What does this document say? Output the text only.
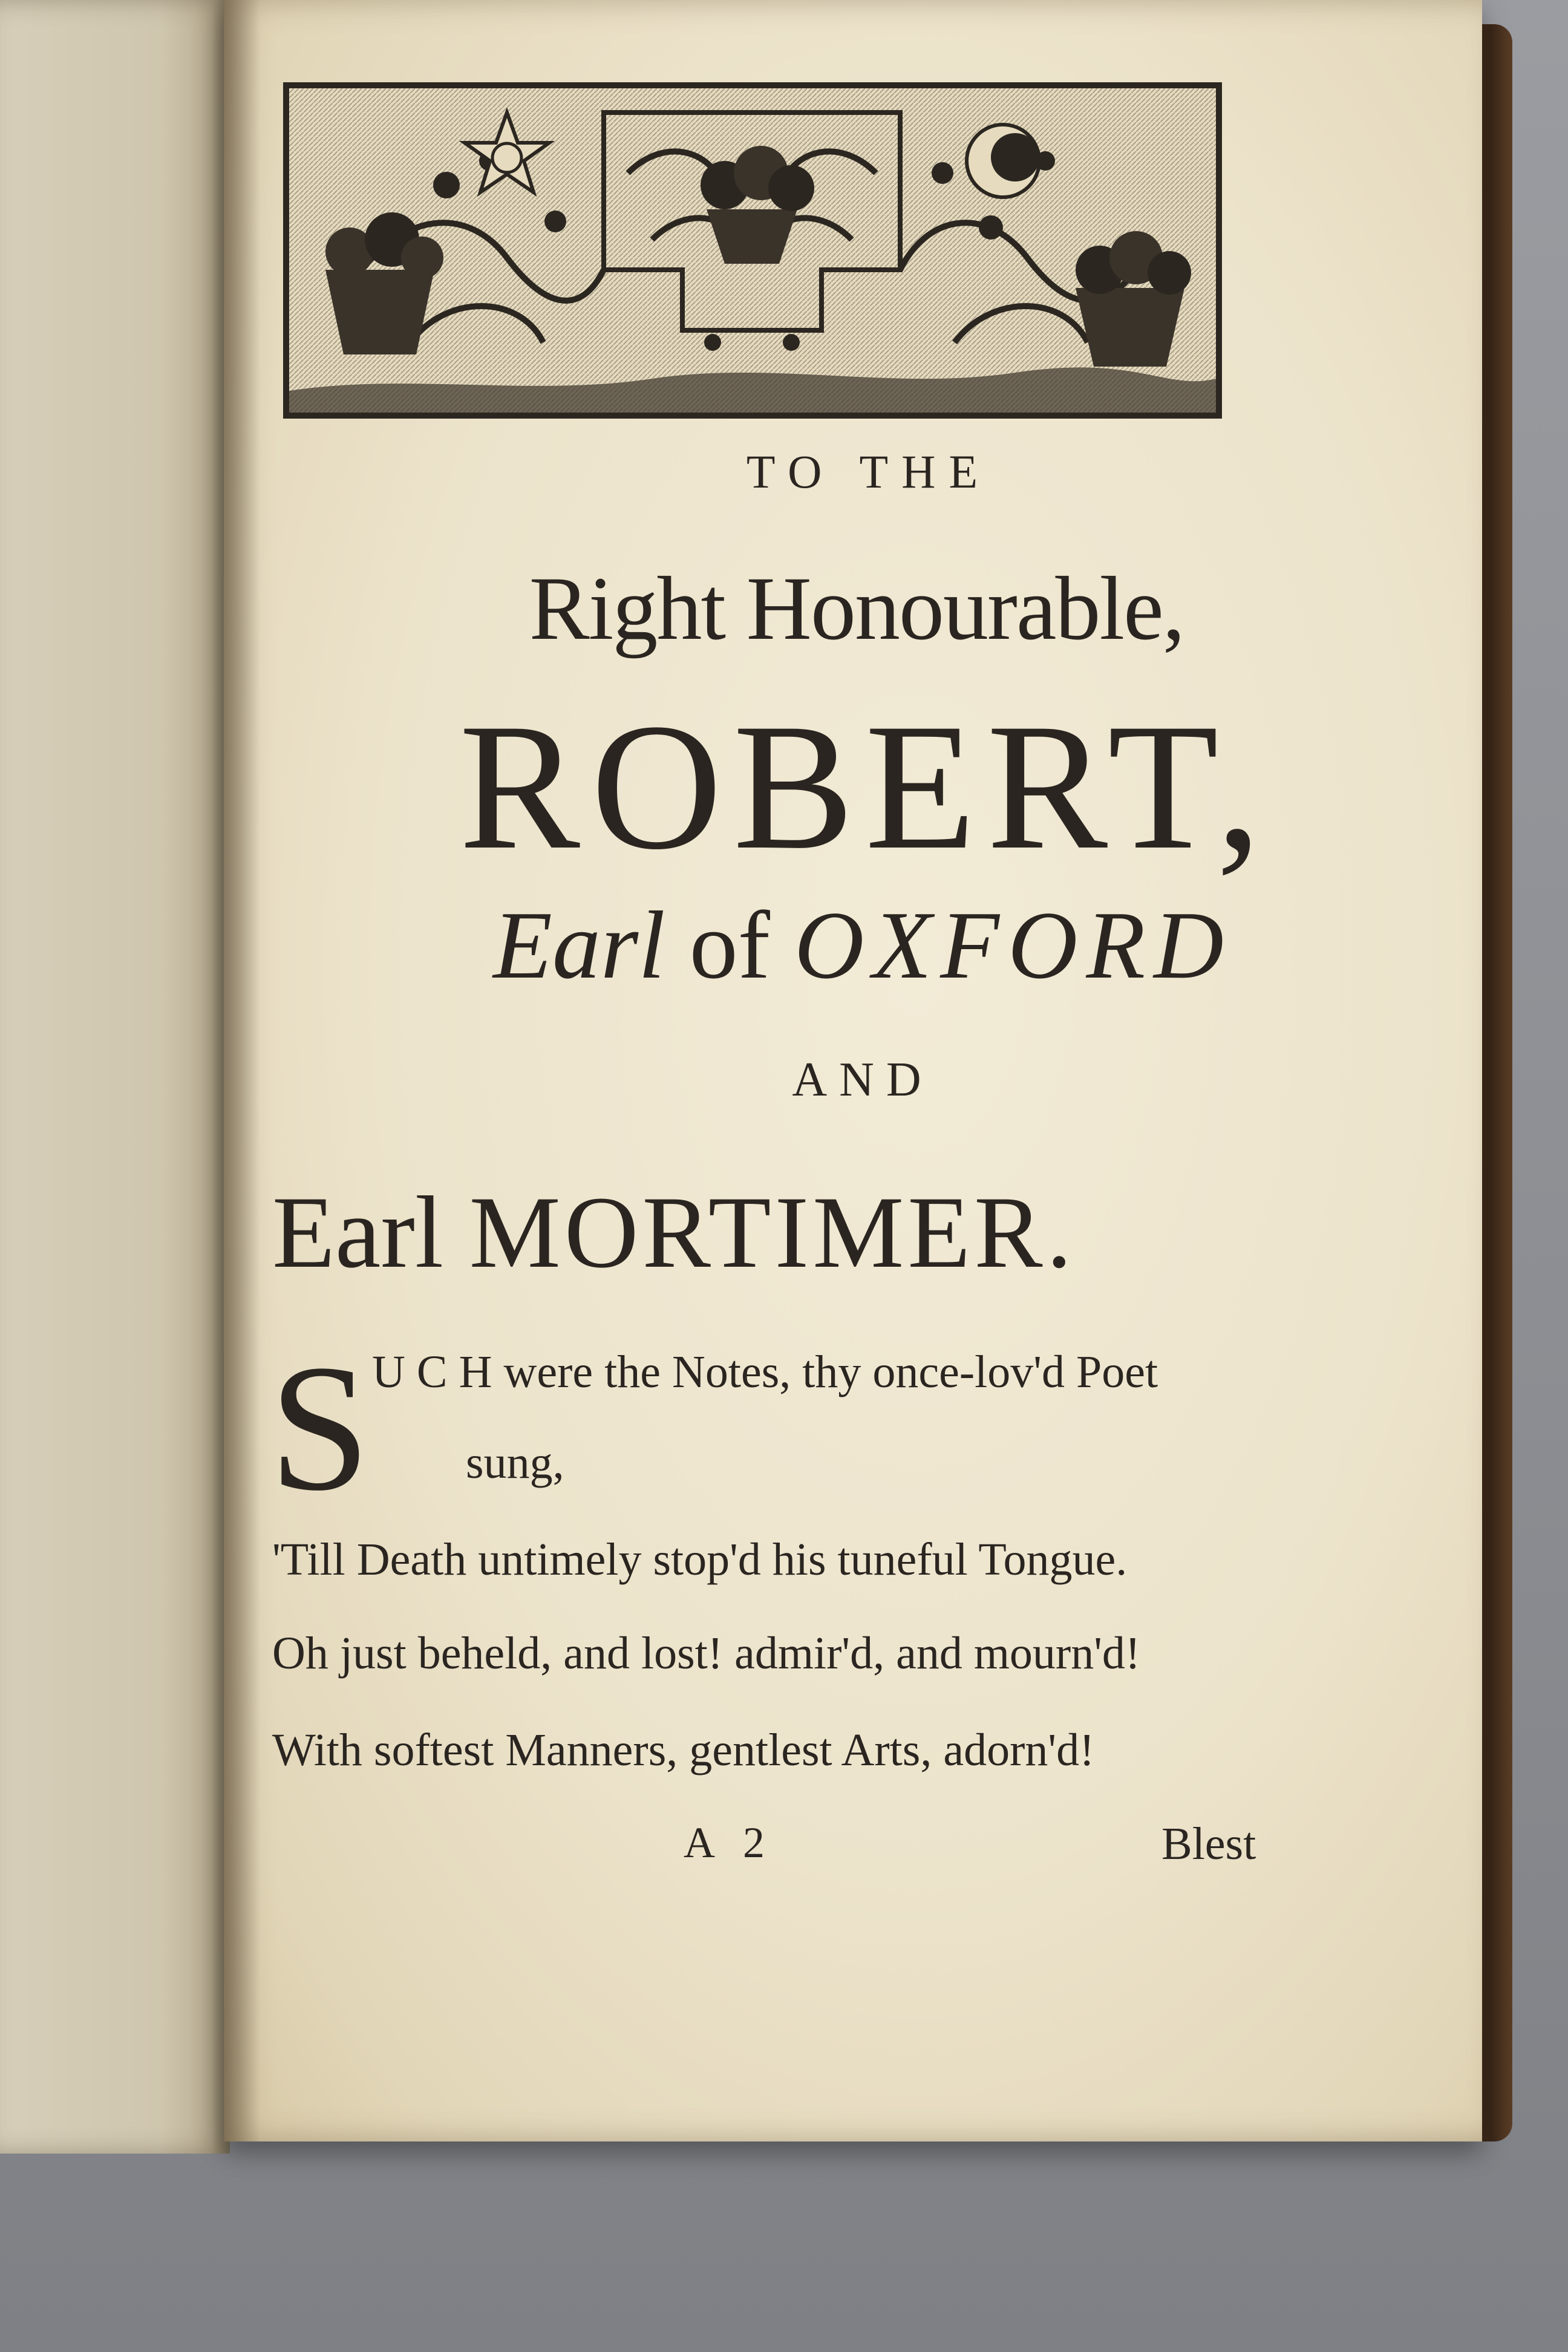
TO THE
Right Honourable,
ROBERT,
Earl of OXFORD
AND
Earl MORTIMER.
S U C H were the Notes, thy once-lov'd Poet
sung,
'Till Death untimely stop'd his tuneful Tongue.
Oh just beheld, and lost! admir'd, and mourn'd!
With softest Manners, gentlest Arts, adorn'd!
A 2	Blest
